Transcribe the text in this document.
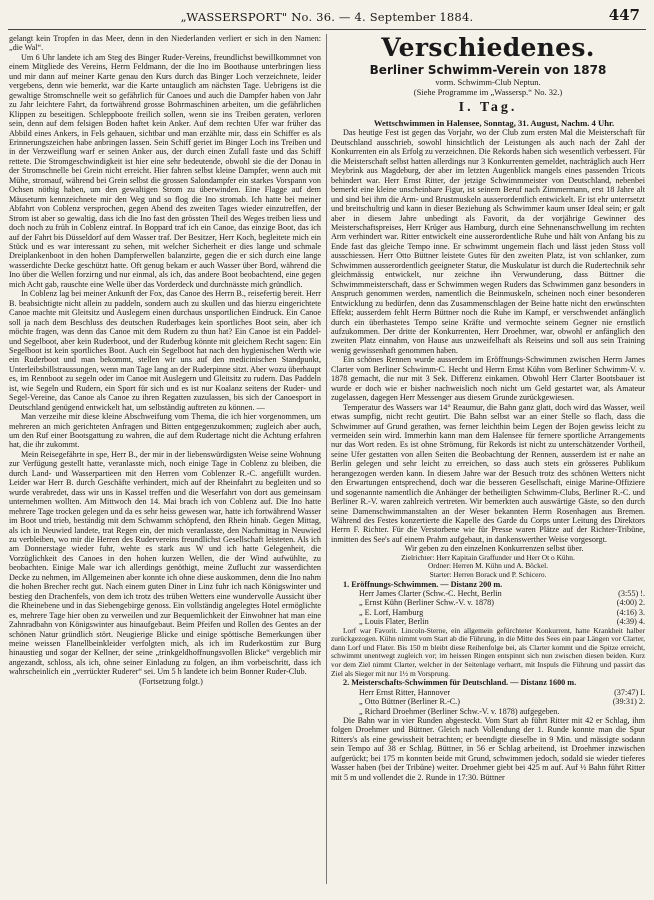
„WASSERSPORT" No. 36. — 4. September 1884.	447

gelangt kein Tropfen in das Meer, denn in den Niederlanden verliert er sich in den Namen: „die Wal“.

Um 6 Uhr landete ich am Steg des Binger Ruder-Vereins, freundlichst bewillkommnet von einem Mitgliede des Vereins, Herrn Feldmann, der die Ino im Boothause unterbringen liess und mir dann auf meiner Karte genau den Kurs durch das Binger Loch verzeichnete, leider vergebens, denn wie bemerkt, war die Karte untauglich am nächsten Tage. Uebrigens ist die gewaltige Stromschnelle weit so gefährlich für Canoes und auch die Dampfer haben von Jahr zu Jahr leichtere Fahrt, da fortwährend grosse Bohrmaschinen arbeiten, um die gefährlichen Klippen zu beseitigen. Schleppboote freilich sollen, wenn sie ins Treiben geraten, verloren sein, denn auf dem felsigen Boden haftet kein Anker. Auf dem rechten Ufer war früher das Abbild eines Ankers, in Fels gehauen, sichtbar und man erzählte mir, dass ein Schiffer es als Erinnerungszeichen habe anbringen lassen. Sein Schiff geriet im Binger Loch ins Treiben und in der Verzweiflung warf er seinen Anker aus, der durch einen Zufall faste und das Schiff rettete. Die Stromgeschwindigkeit ist hier eine sehr bedeutende, obwohl sie die der Donau in der Stromschnelle bei Grein nicht erreicht. Hier fahren selbst kleine Dampfer, wenn auch mit Mühe, stromauf, während bei Grein selbst die grossen Salondampfer ein starkes Vorspann von Ochsen nöthig haben, um den gewaltigen Strom zu überwinden. Eine Flagge auf dem Mäuseturm kennzeichnete mir den Weg und so flog die Ino stromab. Ich hatte bei meiner Abfahrt von Coblenz versprochen, gegen Abend des zweiten Tages wieder einzutreffen, der Strom ist aber so gewaltig, dass ich die Ino fast den grössten Theil des Weges treiben liess und doch noch zu früh in Coblenz eintraf. In Boppard traf ich ein Canoe, das einzige Boot, das ich auf der Fahrt bis Düsseldorf auf dem Wasser traf. Der Besitzer, Herr Koch, begleitete mich ein Stück und es war interessant zu sehen, mit welcher Sicherheit er dies lange und schmale Dreiplankenboot in den hohen Dampferwellen balanzirte, gegen die er sich durch eine lange wasserdichte Decke geschützt hatte. Oft genug bekam er auch Wasser über Bord, während die Ino über die Wellen forzirng und nur einmal, als ich, das andere Boot beobachtend, eine gegen mich Acht gab, rauschte eine Welle über das Vorderdeck und durchnässte mich gründlich.

In Coblenz lag bei meiner Ankunft der Fox, das Canoe des Herrn B., reisefertig bereit. Herr B. beabsichtigte nicht allein zu paddeln, sondern auch zu skullen und das hierzu eingerichtete Canoe machte mit Gleitsitz und Auslegern einen durchaus unsportlichen Eindruck. Ein Canoe soll ja nach dem Beschluss des deutschen Ruderbages kein sportliches Boot sein, aber ich möchte fragen, was denn das Canoe mit dem Rudern zu thun hat? Ein Canoe ist ein Paddel- und Segelboot, aber kein Ruderboot, und der Ruderbug könnte mit gleichem Recht sagen: Ein Segelboot ist kein sportliches Boot. Auch ein Segelboot hat nach den hygienischen Werth wie ein Ruderboot und man bekommt, stellen wir uns auf den medicinischen Standpunkt, Unterleibsbillstraussungen, wenn man Tage lang an der Ruderpinne sitzt. Aber wozu überhaupt es, im Rennboot zu segeln oder im Canoe mit Auslegern und Gleitsitz zu rudern. Das Paddeln ist, wie Segeln und Rudern, ein Sport für sich und es ist nur Koalanz seitens der Ruder- und Segel-Vereine, das Canoe als Canoe zu ihren Regatten zuzulassen, bis sich der Canoesport in Deutschland genügend entwickelt hat, um selbständig auftreten zu können. —

Man verzeihe mir diese kleine Abschweifung vom Thema, die ich hier vorgenommen, um mehreren an mich gerichteten Anfragen und Bitten entgegenzukommen; zugleich aber auch, um den Ruf einer Bootsgattung zu wahren, die auf dem Rudertage nicht die Achtung erfahren hat, die ihr zukommt.

Mein Reisegefährte in spe, Herr B., der mir in der liebenswürdigsten Weise seine Wohnung zur Verfügung gestellt hatte, veranlasste mich, noch einige Tage in Coblenz zu bleiben, die durch Land- und Wasserpartieen mit den Herren vom Coblenzer R.-C. angefüllt wurden. Leider war Herr B. durch Geschäfte verhindert, mich auf der Rheinfahrt zu begleiten und so wurde verabredet, dass wir uns in Kassel treffen und die Weserfahrt von dort aus gemeinsam unternehmen wollten. Am Mittwoch den 14. Mai brach ich von Coblenz auf. Die Ino hatte mehrere Tage trocken gelegen und da es sehr heiss gewesen war, hatte ich fortwährend Wasser im Boot und trieb, beständig mit dem Schwamm schöpfend, den Rhein hinab. Gegen Mittag, als ich in Neuwied landete, trat Regen ein, der mich veranlasste, den Nachmittag in Neuwied zu verbleiben, wo mir die Herren des Rudervereins freundlichst Gesellschaft leisteten. Als ich am Donnerstage wieder fuhr, wehte es stark aus W und ich hatte Gelegenheit, die Vorzüglichkeit des Canoes in den hohen kurzen Wellen, die der Wind aufwühlte, zu beobachten. Einige Male war ich allerdings genöthigt, meine Zuflucht zur wasserdichten Decke zu nehmen, im Allgemeinen aber konnte ich ohne diese auskommen, denn die Ino nahm die hohen Brecher recht gut. Nach einem guten Diner in Linz fuhr ich nach Königswinter und bestieg den Drachenfels, von dem ich trotz des trüben Wetters eine wundervolle Aussicht über die Rheinebene und in das Siebengebirge genoss. Ein vollständig angelegtes Hotel ermöglichte es, mehrere Tage hier oben zu verweilen und zur Bequemlichkeit der Einwohner hat man eine Zahnradbahn von Königswinter aus hinaufgebaut. Beim Pfeifen und Rollen des Gentes an der schönen Natur gründlich stört. Neugierige Blicke und einige spöttische Bemerkungen über meine weissen Flanellbeinkleider verfolgten mich, als ich im Ruderkostüm zur Burg hinaustieg und sogar der Kellner, der seine „trinkgeldhoffnungsvollen Blicke“ vergeblich mir angezandt, schloss, als ich, ohne seiner Einladung zu folgen, an ihm vorbeischritt, dass ich wahrscheinlich ein „verrückter Ruderer“ sei. Um 5 h landete ich beim Bonner Ruder-Club.

(Fortsetzung folgt.)

Verschiedenes.
Berliner Schwimm-Verein von 1878
vorm. Schwimm-Club Neptun.
(Siehe Programme im „Wassersp.“ No. 32.)
I. Tag.

Wettschwimmen in Halensee, Sonntag, 31. August, Nachm. 4 Uhr.

Das heutige Fest ist gegen das Vorjahr, wo der Club zum ersten Mal die Meisterschaft für Deutschland ausschrieb, sowohl hinsichtlich der Leistungen als auch nach der Zahl der Konkurrenten ein als Erfolg zu verzeichnen. Die Rekords haben sich wesentlich verbessert. Für die Meisterschaft selbst hatten allerdings nur 3 Konkurrenten gemeldet, nachträglich auch Herr Meybrink aus Magdeburg, der aber im letzten Augenblick mangels eines passenden Tricots behindert war. Herr Ernst Ritter, der jetzige Schwimmmeister von Deutschland, nebenbei bemerkt eine kleine unscheinbare Figur, ist seinem Beruf nach Zimmermann, erst 18 Jahre alt und sind bei ihm die Arm- und Brustmuskeln ausserordentlich entwickelt. Er ist ehr unterrsetzt und breitschultrig und kann in dieser Beziehung als Schwimmer kaum unser Ideal sein; er galt aber in diesem Jahre unbedingt als Favorit, da der vorjährige Gewinner des Meisterschaftspreises, Herr Krüger aus Hamburg, durch eine Sehnenanschwellung im rechten Arm verhindert war. Ritter entwickelt eine ausserordentliche Ruhe und hält von Anfang bis zu Ende fast das gleiche Tempo inne. Er schwimmt ungemein flach und lässt jeden Stoss voll ausschiessen. Herr Otto Büttner leistete Gutes für den zweiten Platz, ist von schlanker, zum Schwimmen ausserordentlich geeigneter Statur, die Muskulatur ist durch die Rudertechnik sehr gleichmässig entwickelt, nur zeichne ihn Verwunderung, dass Büttner die Schwimmmeisterschaft, dass er Schwimmen wegen Ruders das Schwimmen ganz besonders in Anspruch genommen werden, namentlich die Beinmuskeln, scheinen noch einer besonderen Entwicklung zu bedürfen, denn das Zusammenschlagen der Beine hatte nicht den erwünschten Effekt; ausserdem fehlt Herrn Büttner noch die Ruhe im Kampf, er verschwendet anfänglich durch ein überhastetes Tempo seine Kräfte und vermochte seinem Gegner nie ernstlich aufzukommen. Der dritte der Konkurrenten, Herr Droehmer, war, obwohl er anfänglich den zweiten Platz einnahm, von Hause aus unzweifelhaft als Reiseins und soll aus sein Training wenig gewissenhaft genommen haben.

Ein schönes Rennen wurde ausserdem im Eröffnungs-Schwimmen zwischen Herrn James Clarter vom Berliner Schwimm-C. Hecht und Herrn Ernst Kühn vom Berliner Schwimm-V. v. 1878 gemacht, die nur mit 3 Sek. Differenz einkamen. Obwohl Herr Clarter Bootsbauer ist wurde er doch wie er bisher nachweislich noch nicht um Geld gestartet war, als Amateur zugelassen, dagegen Herr Messenger aus diesem Grunde zurückgewiesen.

Temperatur des Wassers war 14° Reaumur, die Bahn ganz glatt, doch wird das Wasser, weil etwas sumpfig, nicht recht geutirt. Die Bahn selbst war an einer Stelle so flach, dass die Schwimmer auf Grund gerathen, was ferner leichthin beim Legen der Bojen gewiss leicht zu vermeiden sein wird. Immerhin kann man dem Halensee für fernere sportliche Arrangements nur das Wort reden. Es ist ohne Strömung, für Rekords ist nicht zu unterschätzender Vortheil, seine Ufer gestatten von allen Seiten die Beobachtung der Rennen, ausserdem ist er nahe an Berlin gelegen und sehr leicht zu erreichen, so dass auch stets ein grösseres Publikum herangezogen werden kann. In diesem Jahre war der Besuch trotz des schönen Wetters nicht den Erwartungen entsprechend, doch war die besseren Gesellschaft, einige Marine-Offiziere und sogenannte namentlich die Anhänger der betheiligten Schwimm-Clubs, Berliner R.-C. und Berliner R.-V. waren zahlreich vertreten. Wir bemerkten auch auswärtige Gäste, so den durch seine Damenschwimmanstalten an der Weser bekannten Herrn Rosenhagen aus Bremen. Während des Festes konzertierte die Kapelle des Garde du Corps unter Leitung des Direktors Herrn F. Richter. Für die Verstorbene wie für Presse waren Plätze auf der Richter-Tribüne, inmitten des See's auf einem Prahm aufgebaut, in dankenswerther Weise vorgesorgt.

Wir geben zu den einzelnen Konkurrenzen selbst über.

Zielrichter: Herr Kapitain Graffunder und Herr Ot o Kühn.
Ordner: Herren M. Kühn und A. Böckel.
Starter: Herren Borack und P. Schicero.

1. Eröffnungs-Schwimmen. — Distanz 200 m.

	Herr James Clarter (Schw.-C. Hecht, Berlin	(3:55) !.
	„ Ernst Kühn (Berliner Schw.-V. v. 1878)	(4:00) 2.
	„ E. Lorf, Hamburg	(4:16) 3.
	„ Louis Flater, Berlin	(4:39) 4.

Lorf war Favorit. Lincoln-Sterne, ein allgemein gefürchteter Konkurrent, hatte Krankheit halber zurückgezogen. Kühn nimmt vom Start ab die Führung, in die Mitte des Sees ein paar Längen vor Clarter, dann Lorf und Flater. Bis 150 m bleibt diese Reihenfolge bei, als Clarter kommt und die Spitze erreicht, schwimmt unentwegt zugleich vor; im heissen Ringen entspinnt sich nun zwischen diesen beiden. Kurz vor dem Ziel nimmt Clarter, welcher in der Seitenlage verharrt, mit Inspuls die Führung und passirt das Ziel als Sieger mit nur 1½ m Vorsprung.

2. Meisterschafts-Schwimmen für Deutschland. — Distanz 1600 m.

	Herr Ernst Ritter, Hannover	(37:47) I.
	„ Otto Büttner (Berliner R.-C.)	(39:31) 2.
	„ Richard Droehmer (Berliner Schw.-V. v. 1878) aufgegeben.	

Die Bahn war in vier Runden abgesteckt. Vom Start ab führt Ritter mit 42 er Schlag, ihm folgen Droehmer und Büttner. Gleich nach Vollendung der 1. Runde konnte man die Spur Ritters's als eine gewissheit betrachten; er beendigte dieselbe in 9 Min. und mässigte sodann sein Tempo auf 38 er Schlag. Büttner, in 56 er Schlag arbeitend, ist Droehmer inzwischen aufgerückt; bei 175 m konnten beide mit Grund, schwimmen jedoch, sodald sie wieder tieferes Wasser haben (bei der Tribüne) weiter. Droehmer giebt bei 425 m auf. Auf ½ Bahn führt Ritter mit 5 m und vollendet die 2. Runde in 17:30. Büttner
